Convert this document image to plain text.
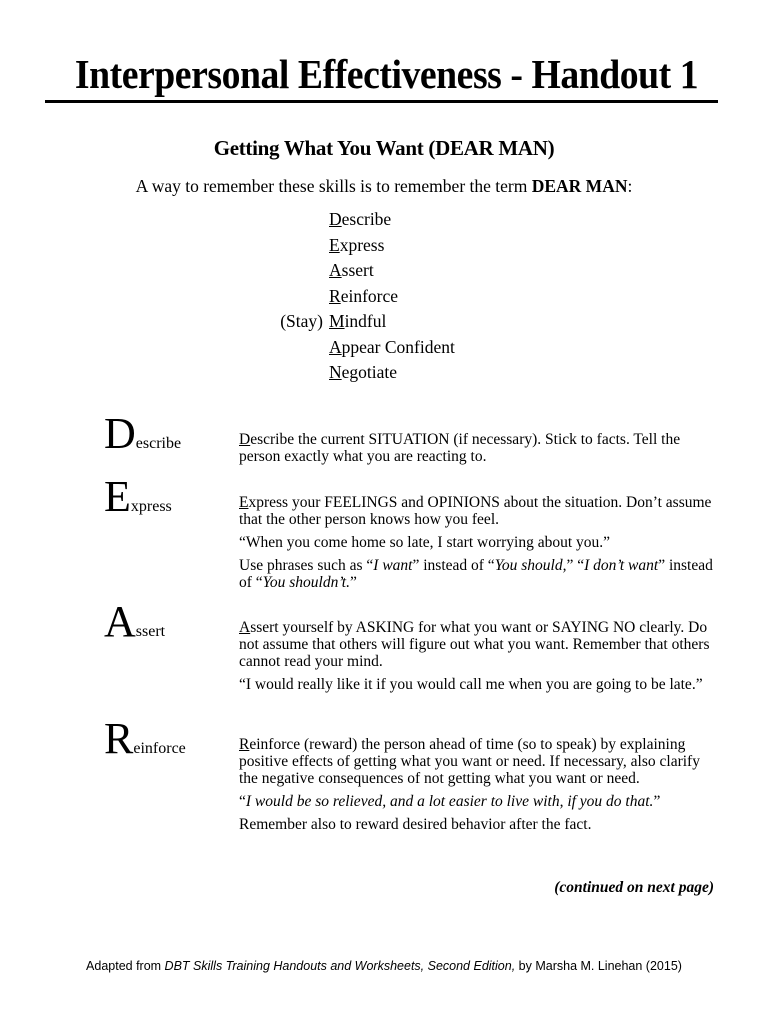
Interpersonal Effectiveness - Handout 1
Getting What You Want (DEAR MAN)
A way to remember these skills is to remember the term DEAR MAN:
Describe
Express
Assert
Reinforce
(Stay) Mindful
Appear Confident
Negotiate
Describe	Describe the current SITUATION (if necessary). Stick to facts. Tell the person exactly what you are reacting to.

Express	Express your FEELINGS and OPINIONS about the situation. Don’t assume that the other person knows how you feel.

“When you come home so late, I start worrying about you.”

Use phrases such as “I want” instead of “You should,” “I don’t want” instead of “You shouldn’t.”

Assert	Assert yourself by ASKING for what you want or SAYING NO clearly. Do not assume that others will figure out what you want. Remember that others cannot read your mind.

“I would really like it if you would call me when you are going to be late.”

Reinforce	Reinforce (reward) the person ahead of time (so to speak) by explaining positive effects of getting what you want or need. If necessary, also clarify the negative consequences of not getting what you want or need.

“I would be so relieved, and a lot easier to live with, if you do that.”

Remember also to reward desired behavior after the fact.

(continued on next page)
Adapted from DBT Skills Training Handouts and Worksheets, Second Edition, by Marsha M. Linehan (2015)
